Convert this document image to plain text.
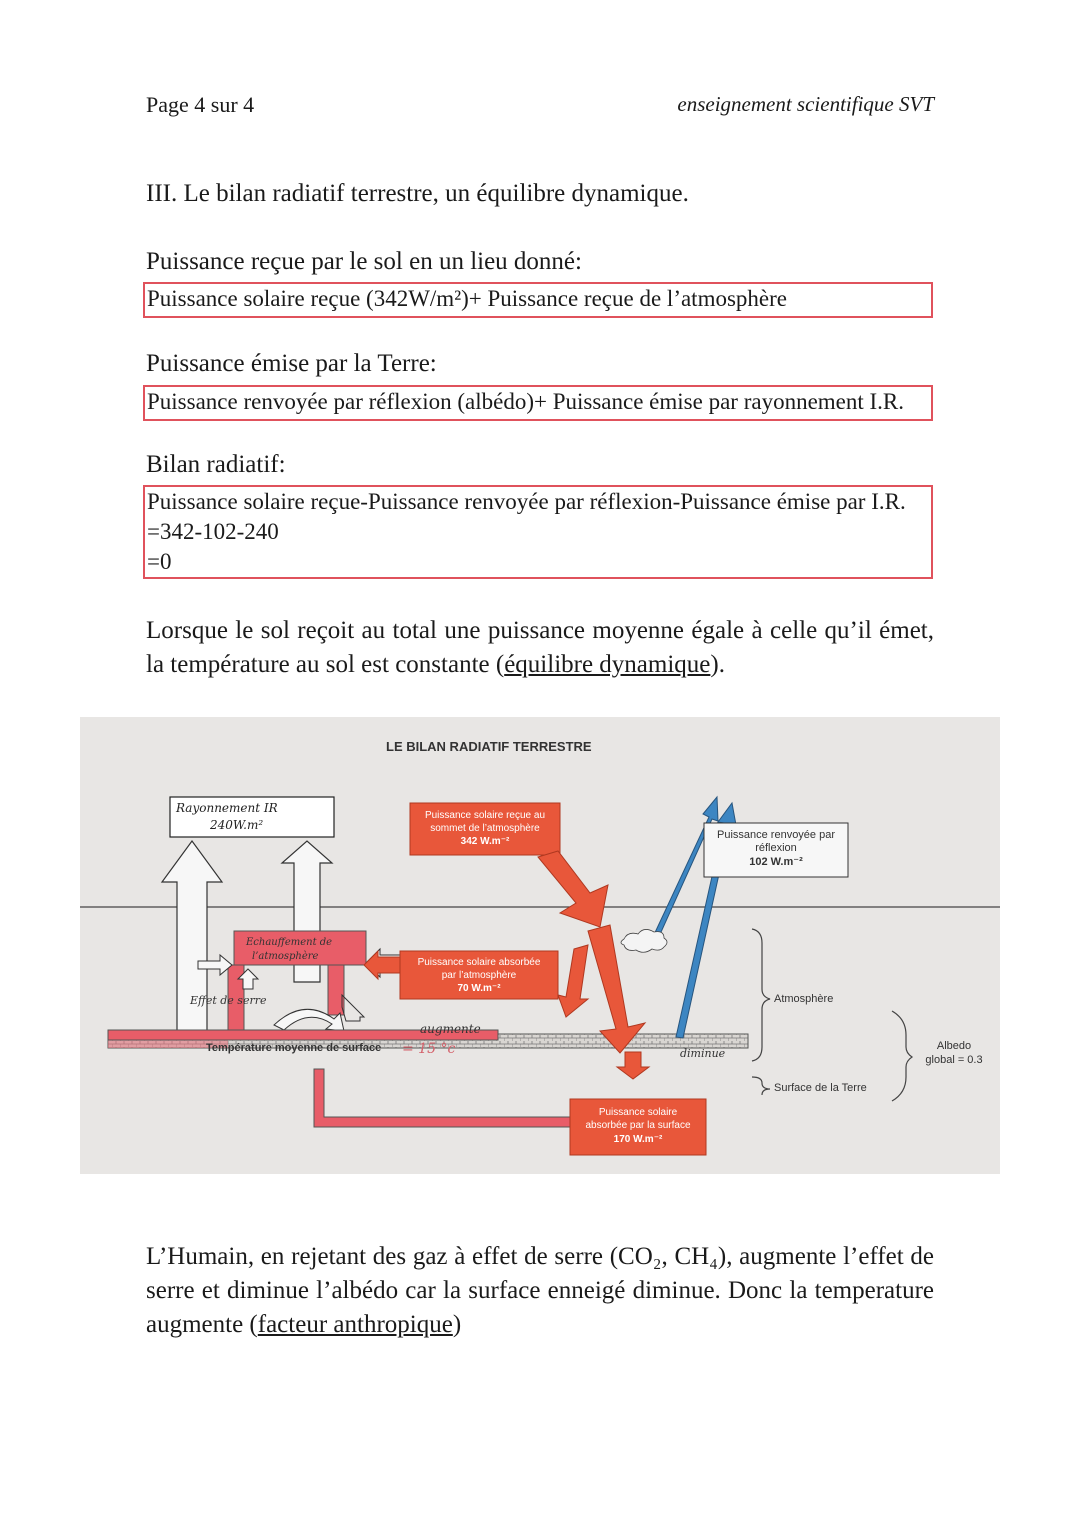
Page 4 sur 4	enseignement scientifique SVT
III. Le bilan radiatif terrestre, un équilibre dynamique.
Puissance reçue par le sol en un lieu donné:
Puissance solaire reçue (342W/m²)+ Puissance reçue de l’atmosphère
Puissance émise par la Terre:
Puissance renvoyée par réflexion (albédo)+ Puissance émise par rayonnement I.R.
Bilan radiatif:
Puissance solaire reçue-Puissance renvoyée par réflexion-Puissance émise par I.R.
=342-102-240
=0
Lorsque le sol reçoit au total une puissance moyenne égale à celle qu’il émet, la température au sol est constante (équilibre dynamique).
LE BILAN RADIATIF TERRESTRE
Rayonnement IR
240W.m²
Puissance solaire reçue au
sommet de l’atmosphère
342 W.m⁻²
Puissance renvoyée par
réflexion
102 W.m⁻²
Echauffement de
l’atmosphère
Effet de serre
Puissance solaire absorbée
par l’atmosphère
70 W.m⁻²
Température moyenne de surface = 15 °c
augmente
diminue
Puissance solaire
absorbée par la surface
170 W.m⁻²
Atmosphère
Surface de la Terre
Albedo
global = 0.3
L’Humain, en rejetant des gaz à effet de serre (CO₂, CH₄), augmente l’effet de serre et diminue l’albédo car la surface enneigé diminue. Donc la temperature augmente (facteur anthropique)
